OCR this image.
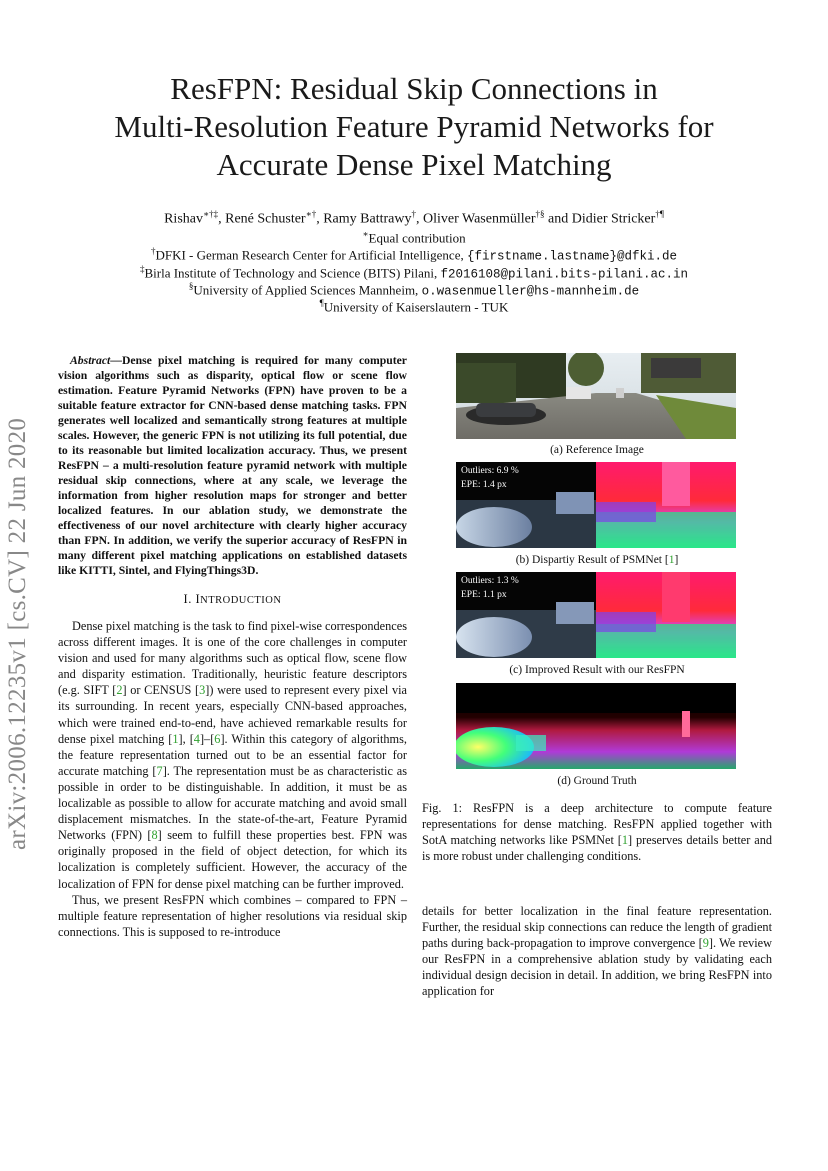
ResFPN: Residual Skip Connections in
Multi-Resolution Feature Pyramid Networks for
Accurate Dense Pixel Matching
Rishav∗†‡, René Schuster∗†, Ramy Battrawy†, Oliver Wasenmüller†§ and Didier Stricker†¶
∗Equal contribution
†DFKI - German Research Center for Artificial Intelligence, {firstname.lastname}@dfki.de
‡Birla Institute of Technology and Science (BITS) Pilani, f2016108@pilani.bits-pilani.ac.in
§University of Applied Sciences Mannheim, o.wasenmueller@hs-mannheim.de
¶University of Kaiserslautern - TUK
arXiv:2006.12235v1 [cs.CV] 22 Jun 2020
Abstract—Dense pixel matching is required for many computer vision algorithms such as disparity, optical flow or scene flow estimation. Feature Pyramid Networks (FPN) have proven to be a suitable feature extractor for CNN-based dense matching tasks. FPN generates well localized and semantically strong features at multiple scales. However, the generic FPN is not utilizing its full potential, due to its reasonable but limited localization accuracy. Thus, we present ResFPN – a multi-resolution feature pyramid network with multiple residual skip connections, where at any scale, we leverage the information from higher resolution maps for stronger and better localized features. In our ablation study, we demonstrate the effectiveness of our novel architecture with clearly higher accuracy than FPN. In addition, we verify the superior accuracy of ResFPN in many different pixel matching applications on established datasets like KITTI, Sintel, and FlyingThings3D.
I. INTRODUCTION

Dense pixel matching is the task to find pixel-wise correspondences across different images. It is one of the core challenges in computer vision and used for many algorithms such as optical flow, scene flow and disparity estimation. Traditionally, heuristic feature descriptors (e.g. SIFT [2] or CENSUS [3]) were used to represent every pixel via its surrounding. In recent years, especially CNN-based approaches, which were trained end-to-end, have achieved remarkable results for dense pixel matching [1], [4]–[6]. Within this category of algorithms, the feature representation turned out to be an essential factor for accurate matching [7]. The representation must be as characteristic as possible in order to be distinguishable. In addition, it must be as localizable as possible to allow for accurate matching and avoid small displacement mismatches. In the state-of-the-art, Feature Pyramid Networks (FPN) [8] seem to fulfill these properties best. FPN was originally proposed in the field of object detection, for which its localization is completely sufficient. However, the accuracy of the localization of FPN for dense pixel matching can be further improved.

Thus, we present ResFPN which combines – compared to FPN – multiple feature representation of higher resolutions via residual skip connections. This is supposed to re-introduce

(a) Reference Image
Outliers: 6.9 %
EPE: 1.4 px
(b) Dispartiy Result of PSMNet [1]
Outliers: 1.3 %
EPE: 1.1 px
(c) Improved Result with our ResFPN
(d) Ground Truth
Fig. 1: ResFPN is a deep architecture to compute feature representations for dense matching. ResFPN applied together with SotA matching networks like PSMNet [1] preserves details better and is more robust under challenging conditions.
details for better localization in the final feature representation. Further, the residual skip connections can reduce the length of gradient paths during back-propagation to improve convergence [9]. We review our ResFPN in a comprehensive ablation study by validating each individual design decision in detail. In addition, we bring ResFPN into application for
